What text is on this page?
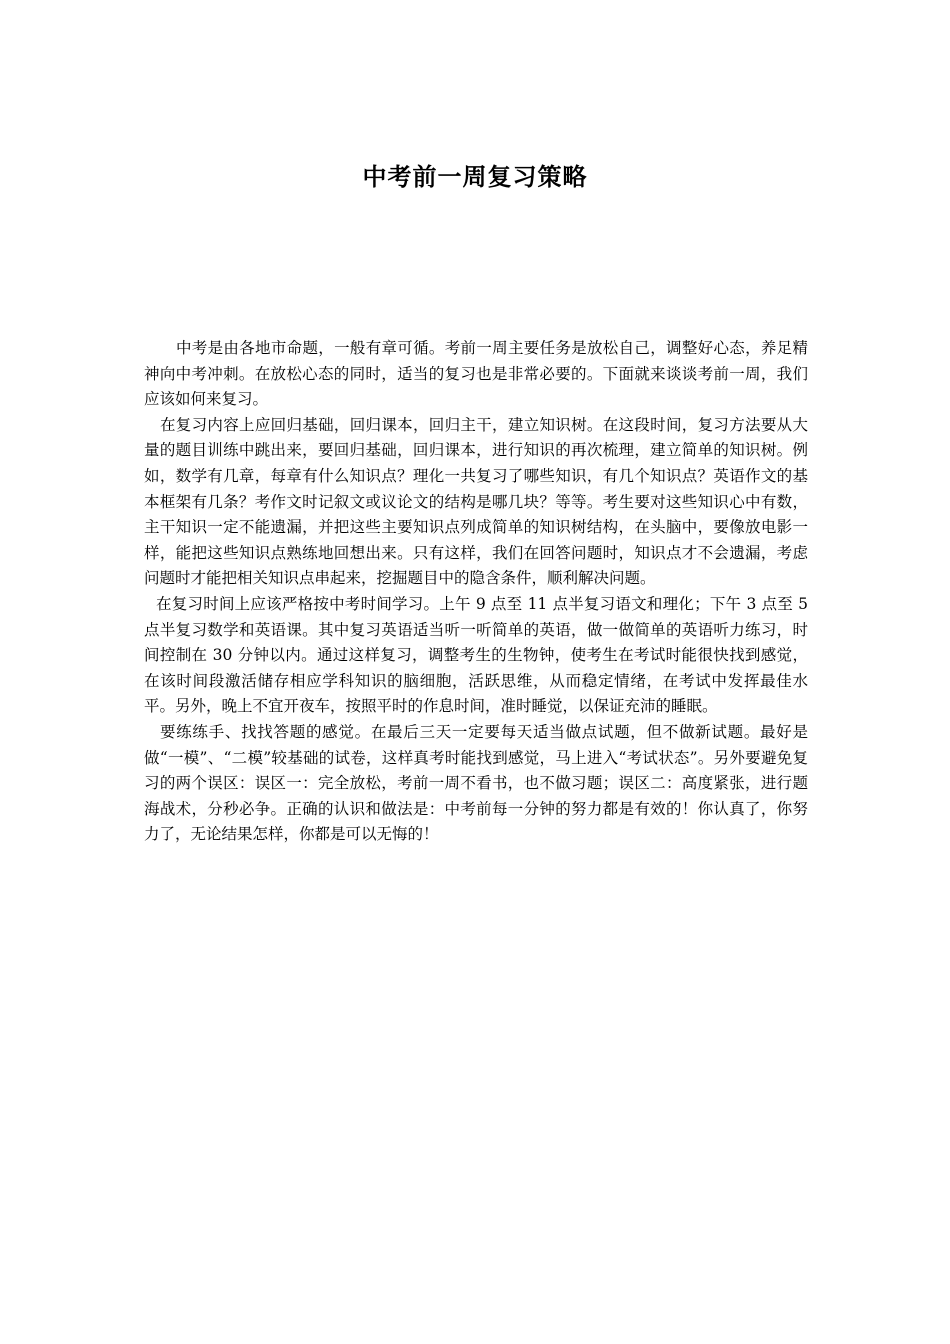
中考前一周复习策略

中考是由各地市命题，一般有章可循。考前一周主要任务是放松自己，调整好心态，养足精神向中考冲刺。在放松心态的同时，适当的复习也是非常必要的。下面就来谈谈考前一周，我们应该如何来复习。

在复习内容上应回归基础，回归课本，回归主干，建立知识树。在这段时间，复习方法要从大量的题目训练中跳出来，要回归基础，回归课本，进行知识的再次梳理，建立简单的知识树。例如，数学有几章，每章有什么知识点？理化一共复习了哪些知识，有几个知识点？英语作文的基本框架有几条？考作文时记叙文或议论文的结构是哪几块？等等。考生要对这些知识心中有数，主干知识一定不能遗漏，并把这些主要知识点列成简单的知识树结构，在头脑中，要像放电影一样，能把这些知识点熟练地回想出来。只有这样，我们在回答问题时，知识点才不会遗漏，考虑问题时才能把相关知识点串起来，挖掘题目中的隐含条件，顺利解决问题。

在复习时间上应该严格按中考时间学习。上午 9 点至 11 点半复习语文和理化；下午 3 点至 5 点半复习数学和英语课。其中复习英语适当听一听简单的英语，做一做简单的英语听力练习，时间控制在 30 分钟以内。通过这样复习，调整考生的生物钟，使考生在考试时能很快找到感觉，在该时间段激活储存相应学科知识的脑细胞，活跃思维，从而稳定情绪，在考试中发挥最佳水平。另外，晚上不宜开夜车，按照平时的作息时间，准时睡觉，以保证充沛的睡眠。

要练练手、找找答题的感觉。在最后三天一定要每天适当做点试题，但不做新试题。最好是做“一模”、“二模”较基础的试卷，这样真考时能找到感觉，马上进入“考试状态”。另外要避免复习的两个误区：误区一：完全放松，考前一周不看书，也不做习题；误区二：高度紧张，进行题海战术，分秒必争。正确的认识和做法是：中考前每一分钟的努力都是有效的！你认真了，你努力了，无论结果怎样，你都是可以无悔的！
